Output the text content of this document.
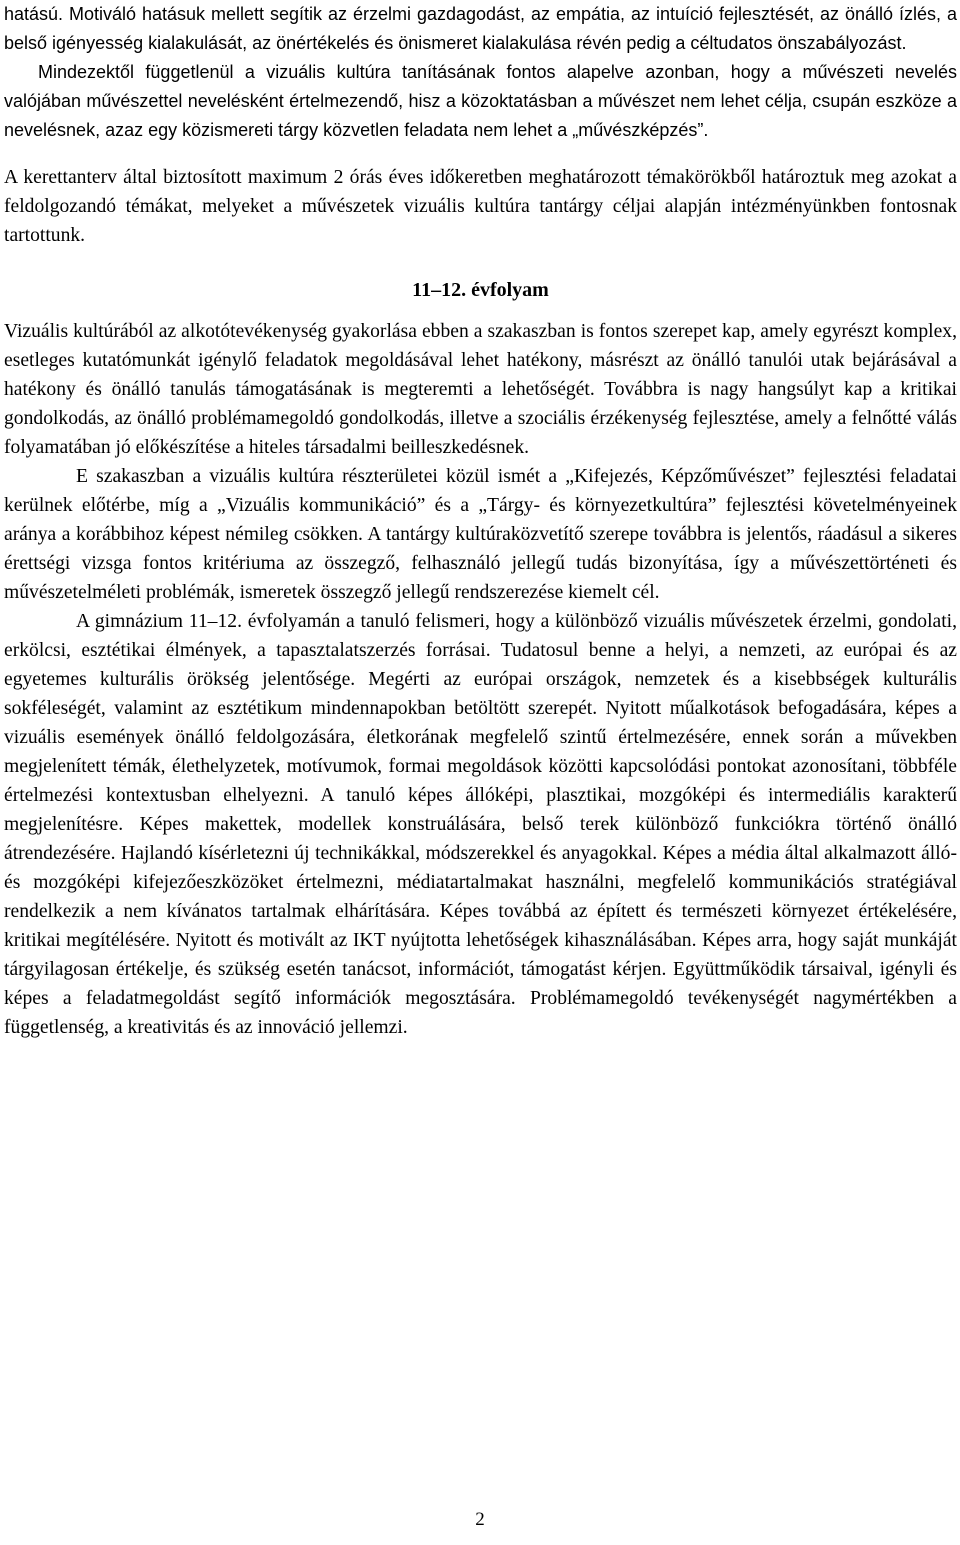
hatású. Motiváló hatásuk mellett segítik az érzelmi gazdagodást, az empátia, az intuíció fejlesztését, az önálló ízlés, a belső igényesség kialakulását, az önértékelés és önismeret kialakulása révén pedig a céltudatos önszabályozást.

Mindezektől függetlenül a vizuális kultúra tanításának fontos alapelve azonban, hogy a művészeti nevelés valójában művészettel nevelésként értelmezendő, hisz a közoktatásban a művészet nem lehet célja, csupán eszköze a nevelésnek, azaz egy közismereti tárgy közvetlen feladata nem lehet a „művészképzés”.

A kerettanterv által biztosított maximum 2 órás éves időkeretben meghatározott témakörökből határoztuk meg azokat a feldolgozandó témákat, melyeket a művészetek vizuális kultúra tantárgy céljai alapján intézményünkben fontosnak tartottunk.

11–12. évfolyam

Vizuális kultúrából az alkotótevékenység gyakorlása ebben a szakaszban is fontos szerepet kap, amely egyrészt komplex, esetleges kutatómunkát igénylő feladatok megoldásával lehet hatékony, másrészt az önálló tanulói utak bejárásával a hatékony és önálló tanulás támogatásának is megteremti a lehetőségét. Továbbra is nagy hangsúlyt kap a kritikai gondolkodás, az önálló problémamegoldó gondolkodás, illetve a szociális érzékenység fejlesztése, amely a felnőtté válás folyamatában jó előkészítése a hiteles társadalmi beilleszkedésnek.

E szakaszban a vizuális kultúra részterületei közül ismét a „Kifejezés, Képzőművészet” fejlesztési feladatai kerülnek előtérbe, míg a „Vizuális kommunikáció” és a „Tárgy- és környezetkultúra” fejlesztési követelményeinek aránya a korábbihoz képest némileg csökken. A tantárgy kultúraközvetítő szerepe továbbra is jelentős, ráadásul a sikeres érettségi vizsga fontos kritériuma az összegző, felhasználó jellegű tudás bizonyítása, így a művészettörténeti és művészetelméleti problémák, ismeretek összegző jellegű rendszerezése kiemelt cél.

A gimnázium 11–12. évfolyamán a tanuló felismeri, hogy a különböző vizuális művészetek érzelmi, gondolati, erkölcsi, esztétikai élmények, a tapasztalatszerzés forrásai. Tudatosul benne a helyi, a nemzeti, az európai és az egyetemes kulturális örökség jelentősége. Megérti az európai országok, nemzetek és a kisebbségek kulturális sokféleségét, valamint az esztétikum mindennapokban betöltött szerepét. Nyitott műalkotások befogadására, képes a vizuális események önálló feldolgozására, életkorának megfelelő szintű értelmezésére, ennek során a művekben megjelenített témák, élethelyzetek, motívumok, formai megoldások közötti kapcsolódási pontokat azonosítani, többféle értelmezési kontextusban elhelyezni. A tanuló képes állóképi, plasztikai, mozgóképi és intermediális karakterű megjelenítésre. Képes makettek, modellek konstruálására, belső terek különböző funkciókra történő önálló átrendezésére. Hajlandó kísérletezni új technikákkal, módszerekkel és anyagokkal. Képes a média által alkalmazott álló- és mozgóképi kifejezőeszközöket értelmezni, médiatartalmakat használni, megfelelő kommunikációs stratégiával rendelkezik a nem kívánatos tartalmak elhárítására. Képes továbbá az épített és természeti környezet értékelésére, kritikai megítélésére. Nyitott és motivált az IKT nyújtotta lehetőségek kihasználásában. Képes arra, hogy saját munkáját tárgyilagosan értékelje, és szükség esetén tanácsot, információt, támogatást kérjen. Együttműködik társaival, igényli és képes a feladatmegoldást segítő információk megosztására. Problémamegoldó tevékenységét nagymértékben a függetlenség, a kreativitás és az innováció jellemzi.

2
